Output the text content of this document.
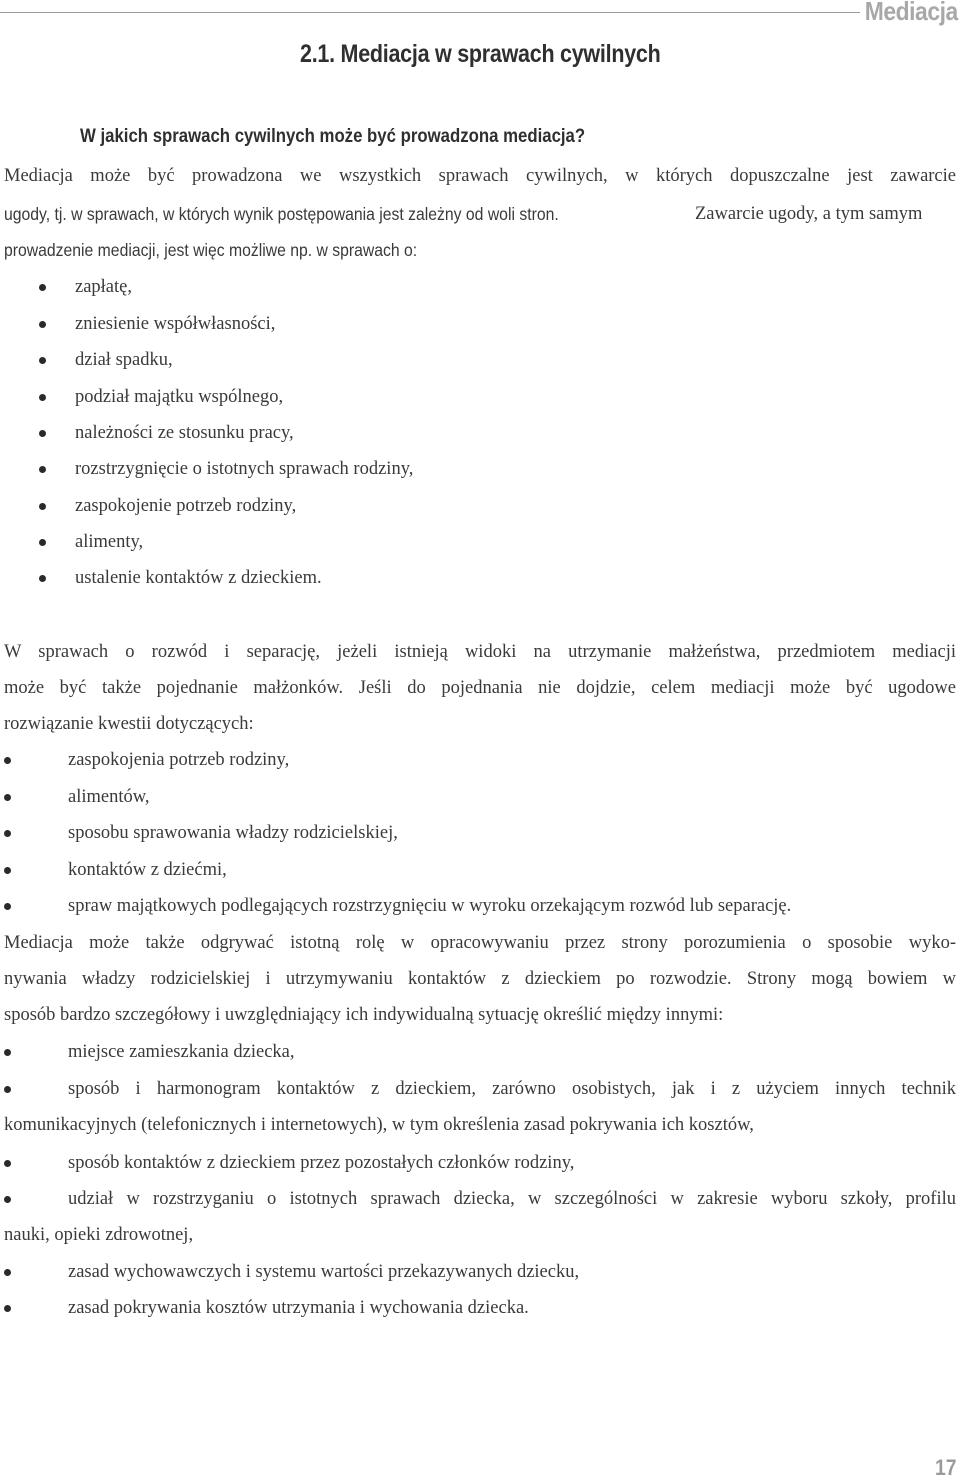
Mediacja
2.1. Mediacja w sprawach cywilnych
W jakich sprawach cywilnych może być prowadzona mediacja?
Mediacja może być prowadzona we wszystkich sprawach cywilnych, w których dopuszczalne jest zawarcie
ugody, tj. w sprawach, w których wynik postępowania jest zależny od woli stron.	Zawarcie ugody, a tym samym
prowadzenie mediacji, jest więc możliwe np. w sprawach o:
zapłatę,
zniesienie współwłasności,
dział spadku,
podział majątku wspólnego,
należności ze stosunku pracy,
rozstrzygnięcie o istotnych sprawach rodziny,
zaspokojenie potrzeb rodziny,
alimenty,
ustalenie kontaktów z dzieckiem.
W sprawach o rozwód i separację, jeżeli istnieją widoki na utrzymanie małżeństwa, przedmiotem mediacji
może być także pojednanie małżonków. Jeśli do pojednania nie dojdzie, celem mediacji może być ugodowe
rozwiązanie kwestii dotyczących:
zaspokojenia potrzeb rodziny,
alimentów,
sposobu sprawowania władzy rodzicielskiej,
kontaktów z dziećmi,
spraw majątkowych podlegających rozstrzygnięciu w wyroku orzekającym rozwód lub separację.
Mediacja może także odgrywać istotną rolę w opracowywaniu przez strony porozumienia o sposobie wyko-
nywania władzy rodzicielskiej i utrzymywaniu kontaktów z dzieckiem po rozwodzie. Strony mogą bowiem w
sposób bardzo szczegółowy i uwzględniający ich indywidualną sytuację określić między innymi:
miejsce zamieszkania dziecka,
sposób i harmonogram kontaktów z dzieckiem, zarówno osobistych, jak i z użyciem innych technik
komunikacyjnych (telefonicznych i internetowych), w tym określenia zasad pokrywania ich kosztów,
sposób kontaktów z dzieckiem przez pozostałych członków rodziny,
udział w rozstrzyganiu o istotnych sprawach dziecka, w szczególności w zakresie wyboru szkoły, profilu
nauki, opieki zdrowotnej,
zasad wychowawczych i systemu wartości przekazywanych dziecku,
zasad pokrywania kosztów utrzymania i wychowania dziecka.
17
